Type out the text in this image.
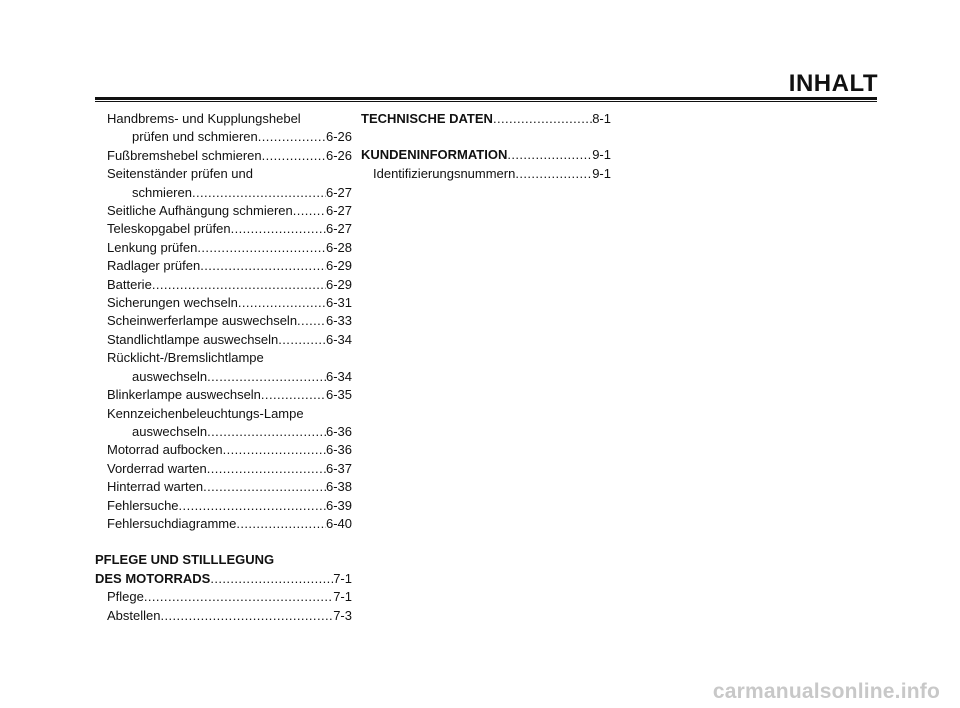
INHALT
Handbrems- und Kupplungshebel
prüfen und schmieren .....	6-26
Fußbremshebel schmieren .....	6-26
Seitenständer prüfen und
schmieren .....	6-27
Seitliche Aufhängung schmieren .....	6-27
Teleskopgabel prüfen .....	6-27
Lenkung prüfen .....	6-28
Radlager prüfen .....	6-29
Batterie .....	6-29
Sicherungen wechseln .....	6-31
Scheinwerferlampe auswechseln ..... 6-33
Standlichtlampe auswechseln .....	6-34
Rücklicht-/Bremslichtlampe
auswechseln .....	6-34
Blinkerlampe auswechseln .....	6-35
Kennzeichenbeleuchtungs-Lampe
auswechseln .....	6-36
Motorrad aufbocken .....	6-36
Vorderrad warten .....	6-37
Hinterrad warten .....	6-38
Fehlersuche .....	6-39
Fehlersuchdiagramme .....	6-40
PFLEGE UND STILLLEGUNG
DES MOTORRADS .....	7-1
Pflege .....	7-1
Abstellen .....	7-3
TECHNISCHE DATEN .....	8-1
KUNDENINFORMATION .....	9-1
Identifizierungsnummern .....	9-1
carmanualsonline.info
